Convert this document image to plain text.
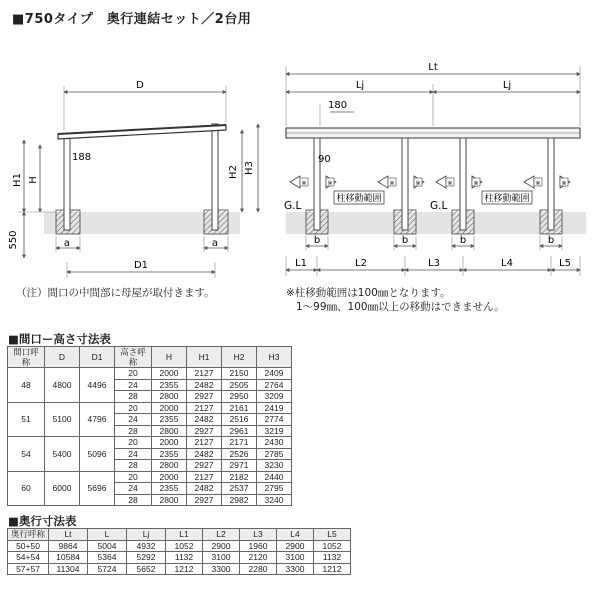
■750タイプ　奥行連結セット／2台用
D
188
H1 H
550
H2 H3
a	a
D1
Lt
Lj	Lj
180
90
※	※	※	※	※	※	※	※
柱移動範囲	柱移動範囲
G.L	G.L
b	b	b	b
L1	L2	L3	L4	L5
（注）間口の中間部に母屋が取付きます。	※柱移動範囲は100㎜となります。
1～99㎜、100㎜以上の移動はできません。
■間口ー高さ寸法表
間口呼称	D	D1	高さ呼称	H	H1	H2	H3
48	4800	4496	20	2000	2127	2150	2409
			24	2355	2482	2505	2764
			28	2800	2927	2950	3209
51	5100	4796	20	2000	2127	2161	2419
			24	2355	2482	2516	2774
			28	2800	2927	2961	3219
54	5400	5096	20	2000	2127	2171	2430
			24	2355	2482	2526	2785
			28	2800	2927	2971	3230
60	6000	5696	20	2000	2127	2182	2440
			24	2355	2482	2537	2795
			28	2800	2927	2982	3240
■奥行寸法表
奥行呼称	Lt	L	Lj	L1	L2	L3	L4	L5
50+50	9864	5004	4932	1052	2900	1960	2900	1052
54+54	10584	5364	5292	1132	3100	2120	3100	1132
57+57	11304	5724	5652	1212	3300	2280	3300	1212
